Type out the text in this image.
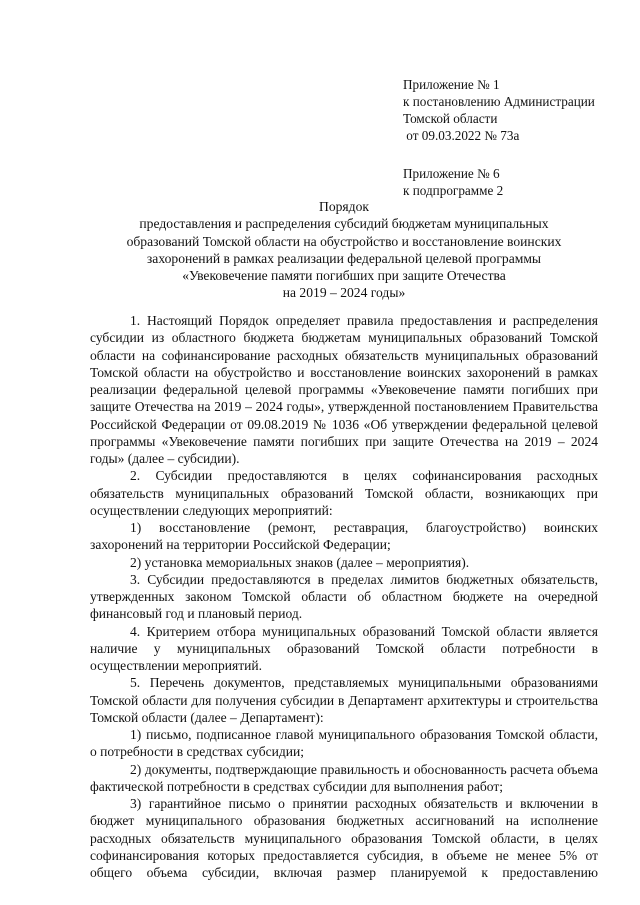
Приложение № 1

к постановлению Администрации

Томской области

от 09.03.2022 № 73а

Приложение № 6

к подпрограмме 2

Порядок

предоставления и распределения субсидий бюджетам муниципальных

образований Томской области на обустройство и восстановление воинских

захоронений в рамках реализации федеральной целевой программы

«Увековечение памяти погибших при защите Отечества

на 2019 – 2024 годы»

1. Настоящий Порядок определяет правила предоставления и распределения субсидии из областного бюджета бюджетам муниципальных образований Томской области на софинансирование расходных обязательств муниципальных образований Томской области на обустройство и восстановление воинских захоронений в рамках реализации федеральной целевой программы «Увековечение памяти погибших при защите Отечества на 2019 – 2024 годы», утвержденной постановлением Правительства Российской Федерации от 09.08.2019 № 1036 «Об утверждении федеральной целевой программы «Увековечение памяти погибших при защите Отечества на 2019 – 2024 годы» (далее – субсидии).

2. Субсидии предоставляются в целях софинансирования расходных обязательств муниципальных образований Томской области, возникающих при осуществлении следующих мероприятий:

1) восстановление (ремонт, реставрация, благоустройство) воинских захоронений на территории Российской Федерации;

2) установка мемориальных знаков (далее – мероприятия).

3. Субсидии предоставляются в пределах лимитов бюджетных обязательств, утвержденных законом Томской области об областном бюджете на очередной финансовый год и плановый период.

4. Критерием отбора муниципальных образований Томской области является наличие у муниципальных образований Томской области потребности в осуществлении мероприятий.

5. Перечень документов, представляемых муниципальными образованиями Томской области для получения субсидии в Департамент архитектуры и строительства Томской области (далее – Департамент):

1) письмо, подписанное главой муниципального образования Томской области, о потребности в средствах субсидии;

2) документы, подтверждающие правильность и обоснованность расчета объема фактической потребности в средствах субсидии для выполнения работ;

3) гарантийное письмо о принятии расходных обязательств и включении в бюджет муниципального образования бюджетных ассигнований на исполнение расходных обязательств муниципального образования Томской области, в целях софинансирования которых предоставляется субсидия, в объеме не менее 5% от общего объема субсидии, включая размер планируемой к предоставлению
